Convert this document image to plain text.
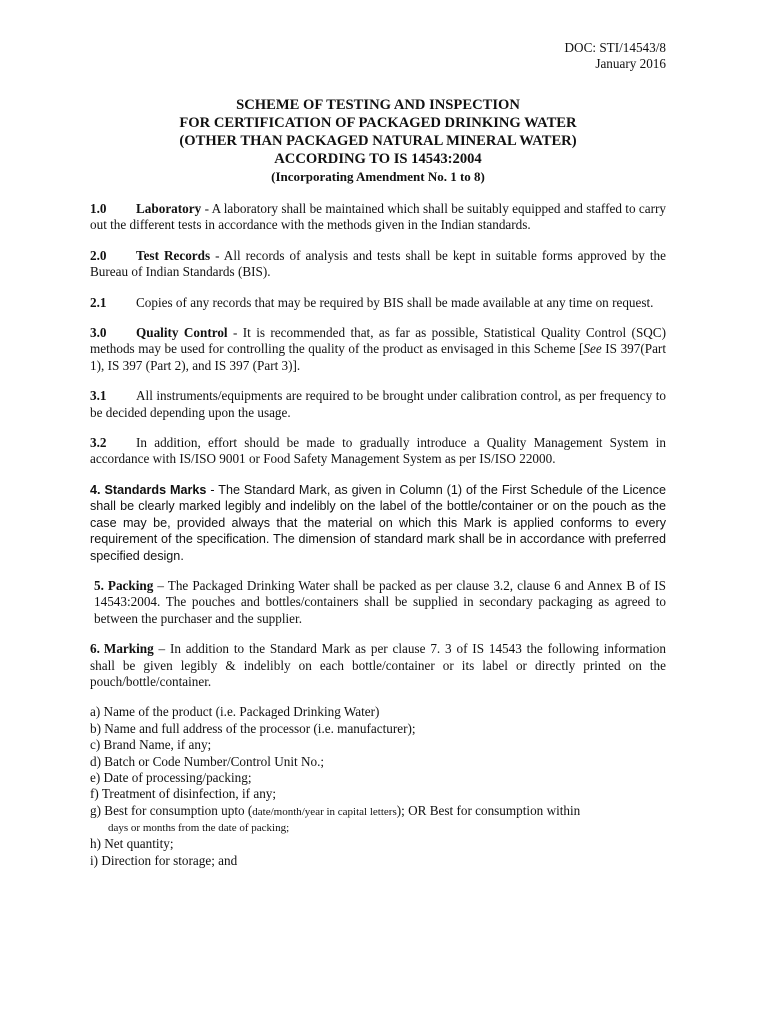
DOC: STI/14543/8
January 2016
SCHEME OF TESTING AND INSPECTION
FOR CERTIFICATION OF PACKAGED DRINKING WATER
(OTHER THAN PACKAGED NATURAL MINERAL WATER)
ACCORDING TO IS 14543:2004
(Incorporating Amendment No. 1 to 8)
1.0 Laboratory - A laboratory shall be maintained which shall be suitably equipped and staffed to carry out the different tests in accordance with the methods given in the Indian standards.
2.0 Test Records - All records of analysis and tests shall be kept in suitable forms approved by the Bureau of Indian Standards (BIS).
2.1 Copies of any records that may be required by BIS shall be made available at any time on request.
3.0 Quality Control - It is recommended that, as far as possible, Statistical Quality Control (SQC) methods may be used for controlling the quality of the product as envisaged in this Scheme [See IS 397(Part 1), IS 397 (Part 2), and IS 397 (Part 3)].
3.1 All instruments/equipments are required to be brought under calibration control, as per frequency to be decided depending upon the usage.
3.2 In addition, effort should be made to gradually introduce a Quality Management System in accordance with IS/ISO 9001 or Food Safety Management System as per IS/ISO 22000.
4. Standards Marks - The Standard Mark, as given in Column (1) of the First Schedule of the Licence shall be clearly marked legibly and indelibly on the label of the bottle/container or on the pouch as the case may be, provided always that the material on which this Mark is applied conforms to every requirement of the specification. The dimension of standard mark shall be in accordance with preferred specified design.
5. Packing – The Packaged Drinking Water shall be packed as per clause 3.2, clause 6 and Annex B of IS 14543:2004. The pouches and bottles/containers shall be supplied in secondary packaging as agreed to between the purchaser and the supplier.
6. Marking – In addition to the Standard Mark as per clause 7. 3 of IS 14543 the following information shall be given legibly & indelibly on each bottle/container or its label or directly printed on the pouch/bottle/container.
a) Name of the product (i.e. Packaged Drinking Water)
b) Name and full address of the processor (i.e. manufacturer);
c) Brand Name, if any;
d) Batch or Code Number/Control Unit No.;
e) Date of processing/packing;
f) Treatment of disinfection, if any;
g) Best for consumption upto (date/month/year in capital letters); OR Best for consumption within
days or months from the date of packing;
h) Net quantity;
i) Direction for storage; and
